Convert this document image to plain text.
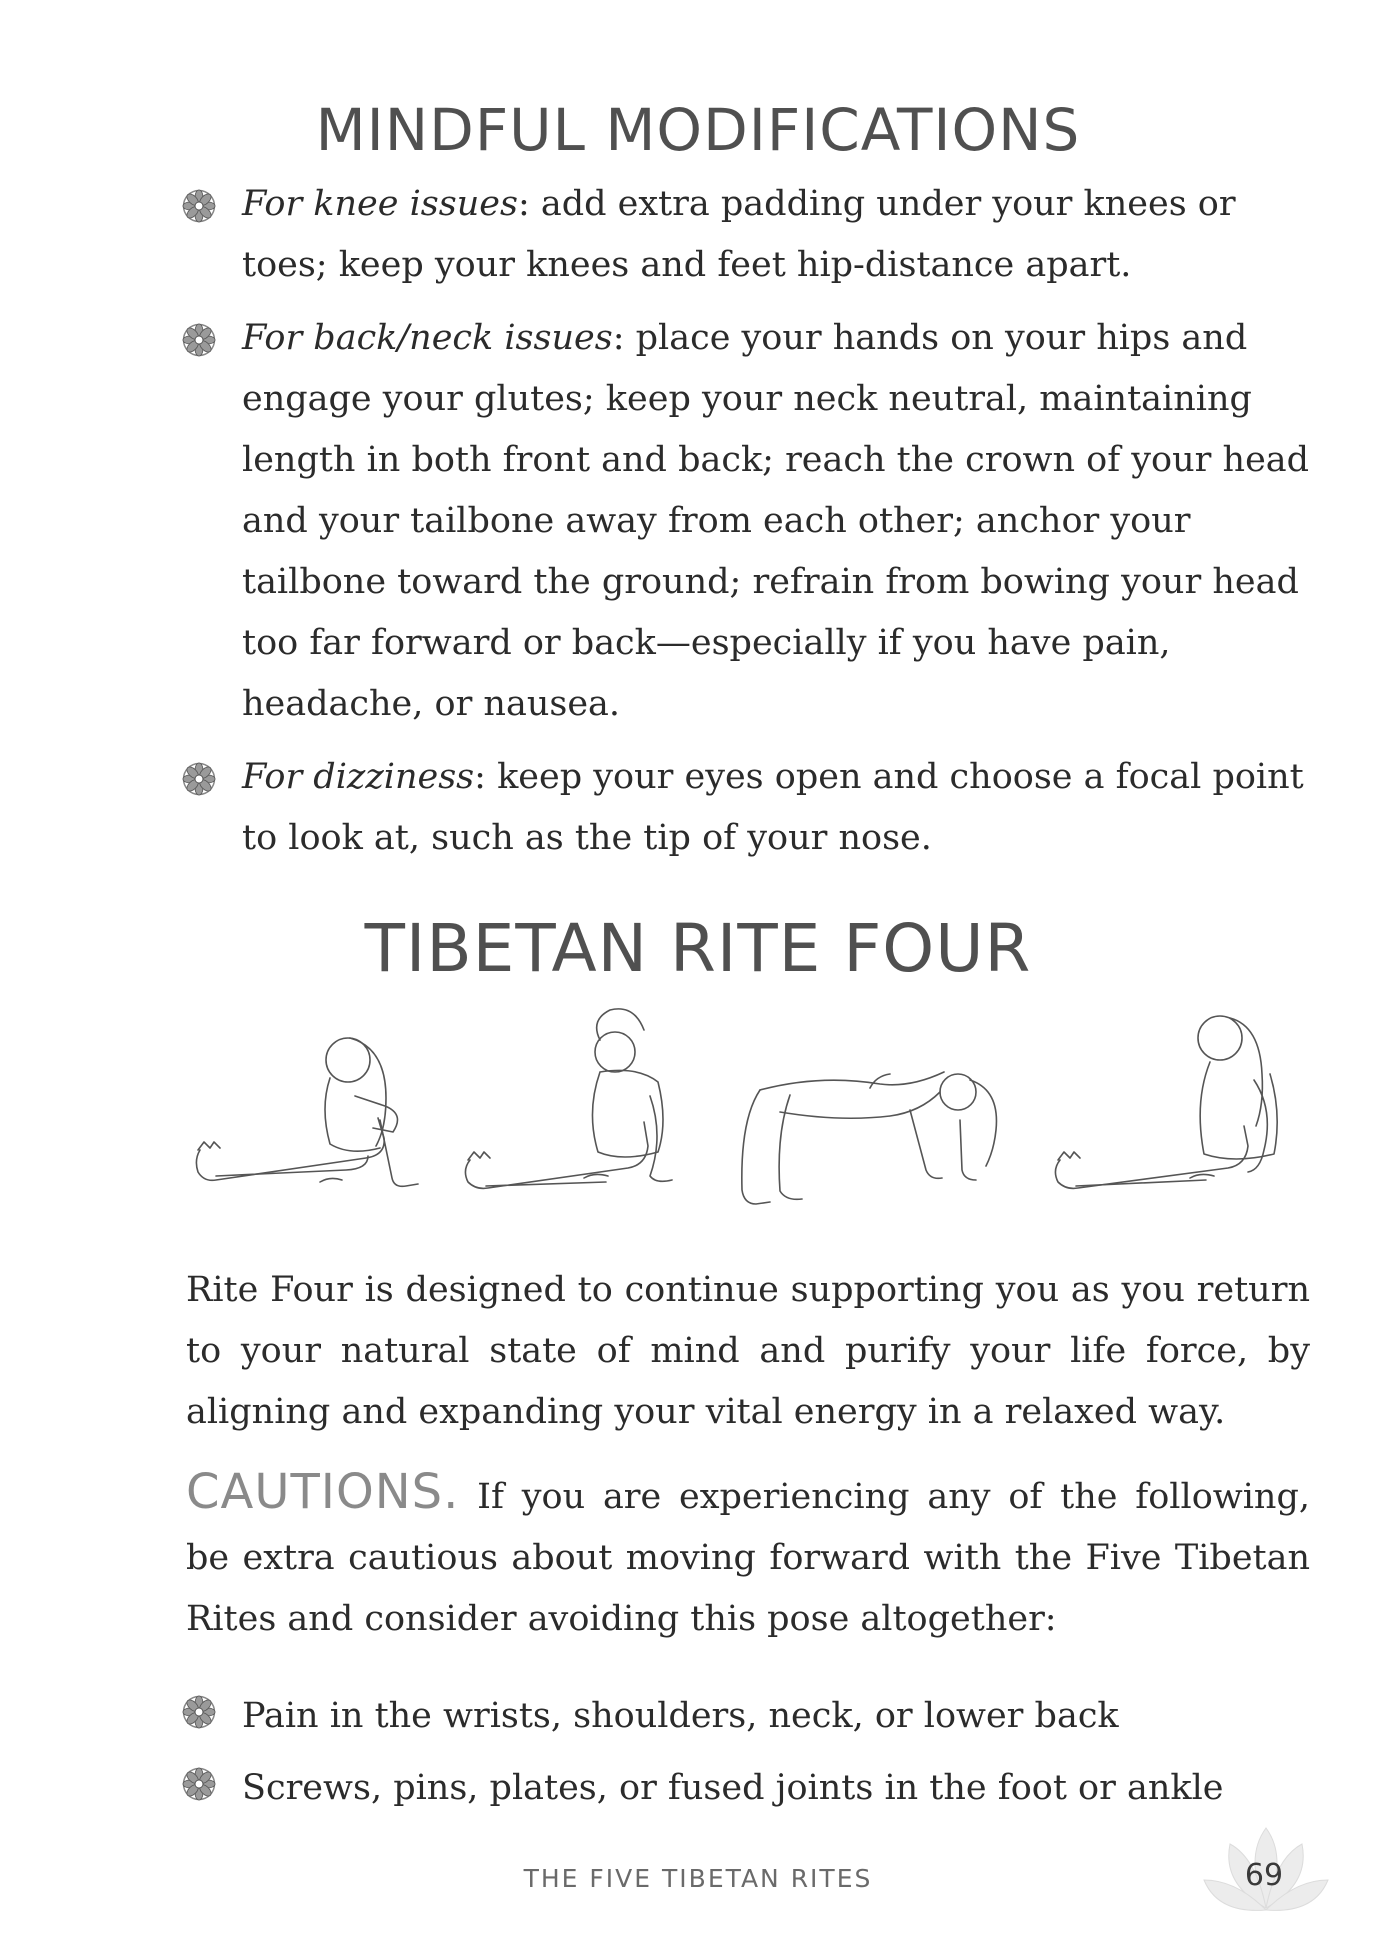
MINDFUL MODIFICATIONS
For knee issues: add extra padding under your knees or toes; keep your knees and feet hip-distance apart.
For back/neck issues: place your hands on your hips and engage your glutes; keep your neck neutral, maintaining length in both front and back; reach the crown of your head and your tailbone away from each other; anchor your tailbone toward the ground; refrain from bowing your head too far forward or back—especially if you have pain, headache, or nausea.
For dizziness: keep your eyes open and choose a focal point to look at, such as the tip of your nose.
TIBETAN RITE FOUR

Rite Four is designed to continue supporting you as you return to your natural state of mind and purify your life force, by aligning and expanding your vital energy in a relaxed way.

CAUTIONS. If you are experiencing any of the following, be extra cautious about moving forward with the Five Tibetan Rites and consider avoiding this pose altogether:

Pain in the wrists, shoulders, neck, or lower back
Screws, pins, plates, or fused joints in the foot or ankle
THE FIVE TIBETAN RITES	69
